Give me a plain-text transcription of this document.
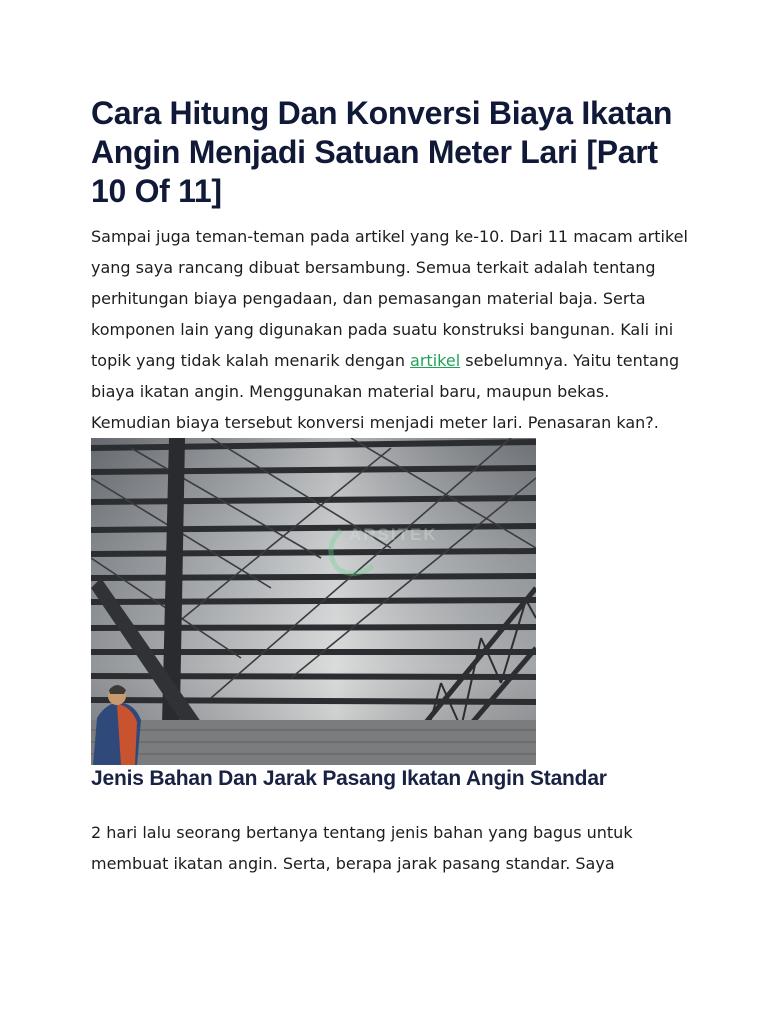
Cara Hitung Dan Konversi Biaya Ikatan Angin Menjadi Satuan Meter Lari [Part 10 Of 11]

Sampai juga teman-teman pada artikel yang ke-10. Dari 11 macam artikel yang saya rancang dibuat bersambung. Semua terkait adalah tentang perhitungan biaya pengadaan, dan pemasangan material baja. Serta komponen lain yang digunakan pada suatu konstruksi bangunan. Kali ini topik yang tidak kalah menarik dengan artikel sebelumnya. Yaitu tentang biaya ikatan angin. Menggunakan material baru, maupun bekas. Kemudian biaya tersebut konversi menjadi meter lari. Penasaran kan?.

ARSITEK
Jenis Bahan Dan Jarak Pasang Ikatan Angin Standar

2 hari lalu seorang bertanya tentang jenis bahan yang bagus untuk membuat ikatan angin. Serta, berapa jarak pasang standar. Saya
